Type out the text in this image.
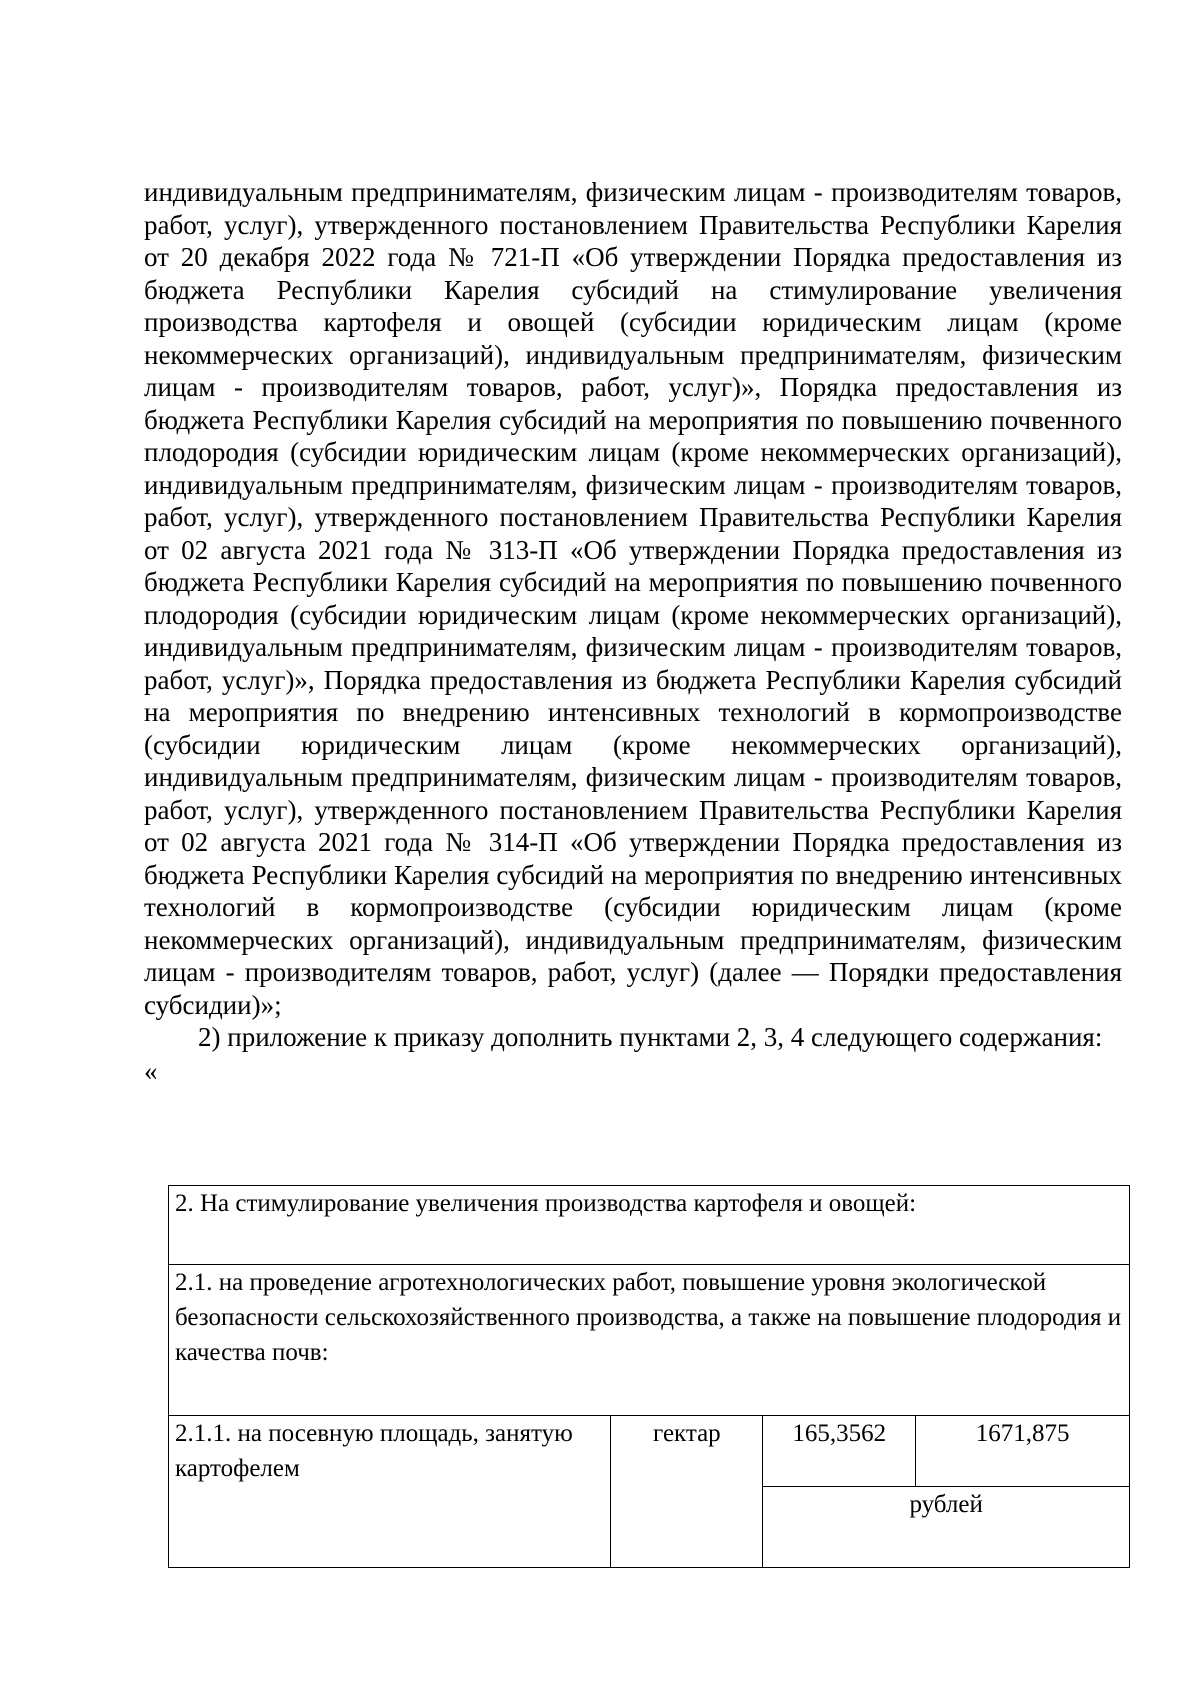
индивидуальным предпринимателям, физическим лицам - производителям товаров, работ, услуг), утвержденного постановлением Правительства Республики Карелия от 20 декабря 2022 года № 721-П «Об утверждении Порядка предоставления из бюджета Республики Карелия субсидий на стимулирование увеличения производства картофеля и овощей (субсидии юридическим лицам (кроме некоммерческих организаций), индивидуальным предпринимателям, физическим лицам - производителям товаров, работ, услуг)», Порядка предоставления из бюджета Республики Карелия субсидий на мероприятия по повышению почвенного плодородия (субсидии юридическим лицам (кроме некоммерческих организаций), индивидуальным предпринимателям, физическим лицам - производителям товаров, работ, услуг), утвержденного постановлением Правительства Республики Карелия от 02 августа 2021 года № 313-П «Об утверждении Порядка предоставления из бюджета Республики Карелия субсидий на мероприятия по повышению почвенного плодородия (субсидии юридическим лицам (кроме некоммерческих организаций), индивидуальным предпринимателям, физическим лицам - производителям товаров, работ, услуг)», Порядка предоставления из бюджета Республики Карелия субсидий на мероприятия по внедрению интенсивных технологий в кормопроизводстве (субсидии юридическим лицам (кроме некоммерческих организаций), индивидуальным предпринимателям, физическим лицам - производителям товаров, работ, услуг), утвержденного постановлением Правительства Республики Карелия от 02 августа 2021 года № 314-П «Об утверждении Порядка предоставления из бюджета Республики Карелия субсидий на мероприятия по внедрению интенсивных технологий в кормопроизводстве (субсидии юридическим лицам (кроме некоммерческих организаций), индивидуальным предпринимателям, физическим лицам - производителям товаров, работ, услуг) (далее — Порядки предоставления субсидии)»;

2) приложение к приказу дополнить пунктами 2, 3, 4 следующего содержания:

«

2. На стимулирование увеличения производства картофеля и овощей:
2.1. на проведение агротехнологических работ, повышение уровня экологической безопасности сельскохозяйственного производства, а также на повышение плодородия и качества почв:
2.1.1. на посевную площадь, занятую картофелем	гектар	165,3562	1671,875
рублей
